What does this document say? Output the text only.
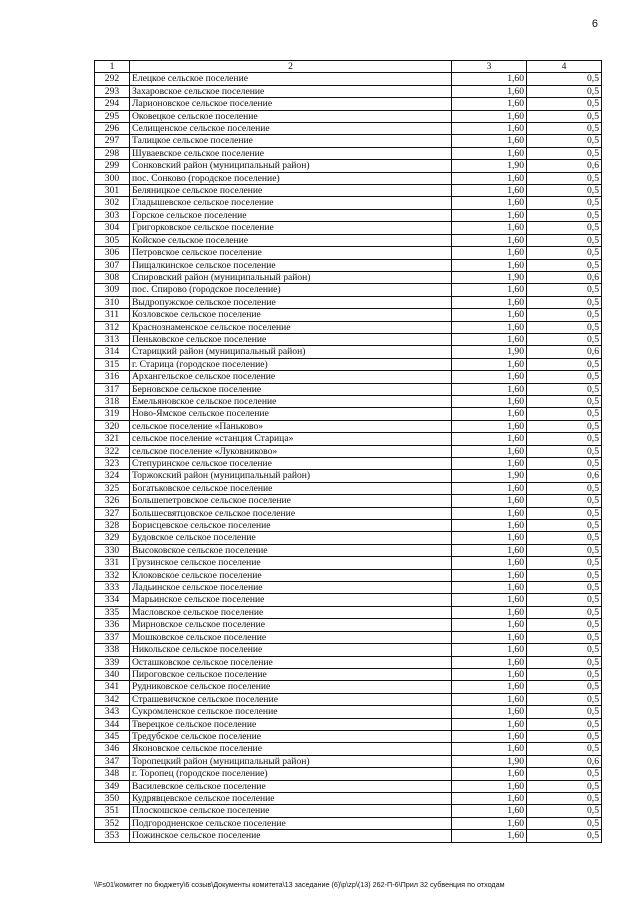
6
1	2	3	4
292	Елецкое сельское поселение	1,60	0,5
293	Захаровское сельское поселение	1,60	0,5
294	Ларионовское сельское поселение	1,60	0,5
295	Оковецкое сельское поселение	1,60	0,5
296	Селищенское сельское поселение	1,60	0,5
297	Талицкое сельское поселение	1,60	0,5
298	Шуваевское сельское поселение	1,60	0,5
299	Сонковский район (муниципальный район)	1,90	0,6
300	пос. Сонково (городское поселение)	1,60	0,5
301	Беляницкое сельское поселение	1,60	0,5
302	Гладышевское сельское поселение	1,60	0,5
303	Горское сельское поселение	1,60	0,5
304	Григорковское сельское поселение	1,60	0,5
305	Койское сельское поселение	1,60	0,5
306	Петровское сельское поселение	1,60	0,5
307	Пищалкинское сельское поселение	1,60	0,5
308	Спировский район (муниципальный район)	1,90	0,6
309	пос. Спирово (городское поселение)	1,60	0,5
310	Выдропужское сельское поселение	1,60	0,5
311	Козловское сельское поселение	1,60	0,5
312	Краснознаменское сельское поселение	1,60	0,5
313	Пеньковское сельское поселение	1,60	0,5
314	Старицкий район (муниципальный район)	1,90	0,6
315	г. Старица (городское поселение)	1,60	0,5
316	Архангельское сельское поселение	1,60	0,5
317	Берновское сельское поселение	1,60	0,5
318	Емельяновское сельское поселение	1,60	0,5
319	Ново-Ямское сельское поселение	1,60	0,5
320	сельское поселение «Паньково»	1,60	0,5
321	сельское поселение «станция Старица»	1,60	0,5
322	сельское поселение «Луковниково»	1,60	0,5
323	Степуринское сельское поселение	1,60	0,5
324	Торжокский район (муниципальный район)	1,90	0,6
325	Богатьковское сельское поселение	1,60	0,5
326	Большепетровское сельское поселение	1,60	0,5
327	Большесвятцовское сельское поселение	1,60	0,5
328	Борисцевское сельское поселение	1,60	0,5
329	Будовское сельское поселение	1,60	0,5
330	Высоковское сельское поселение	1,60	0,5
331	Грузинское сельское поселение	1,60	0,5
332	Клоковское сельское поселение	1,60	0,5
333	Ладьинское сельское поселение	1,60	0,5
334	Марьинское сельское поселение	1,60	0,5
335	Масловское сельское поселение	1,60	0,5
336	Мирновское сельское поселение	1,60	0,5
337	Мошковское сельское поселение	1,60	0,5
338	Никольское сельское поселение	1,60	0,5
339	Осташковское сельское поселение	1,60	0,5
340	Пироговское сельское поселение	1,60	0,5
341	Рудниковское сельское поселение	1,60	0,5
342	Страшевичское сельское поселение	1,60	0,5
343	Сукромленское сельское поселение	1,60	0,5
344	Тверецкое сельское поселение	1,60	0,5
345	Тредубское сельское поселение	1,60	0,5
346	Яконовское сельское поселение	1,60	0,5
347	Торопецкий район (муниципальный район)	1,90	0,6
348	г. Торопец (городское поселение)	1,60	0,5
349	Василевское сельское поселение	1,60	0,5
350	Кудрявцевское сельское поселение	1,60	0,5
351	Плоскошское сельское поселение	1,60	0,5
352	Подгородненское сельское поселение	1,60	0,5
353	Пожинское сельское поселение	1,60	0,5
\\Fs01\комитет по бюджету\6 созыв\Документы комитета\13 заседание (6)\p\zp\(13) 262-П-6\Прил 32 субвенция по отходам
